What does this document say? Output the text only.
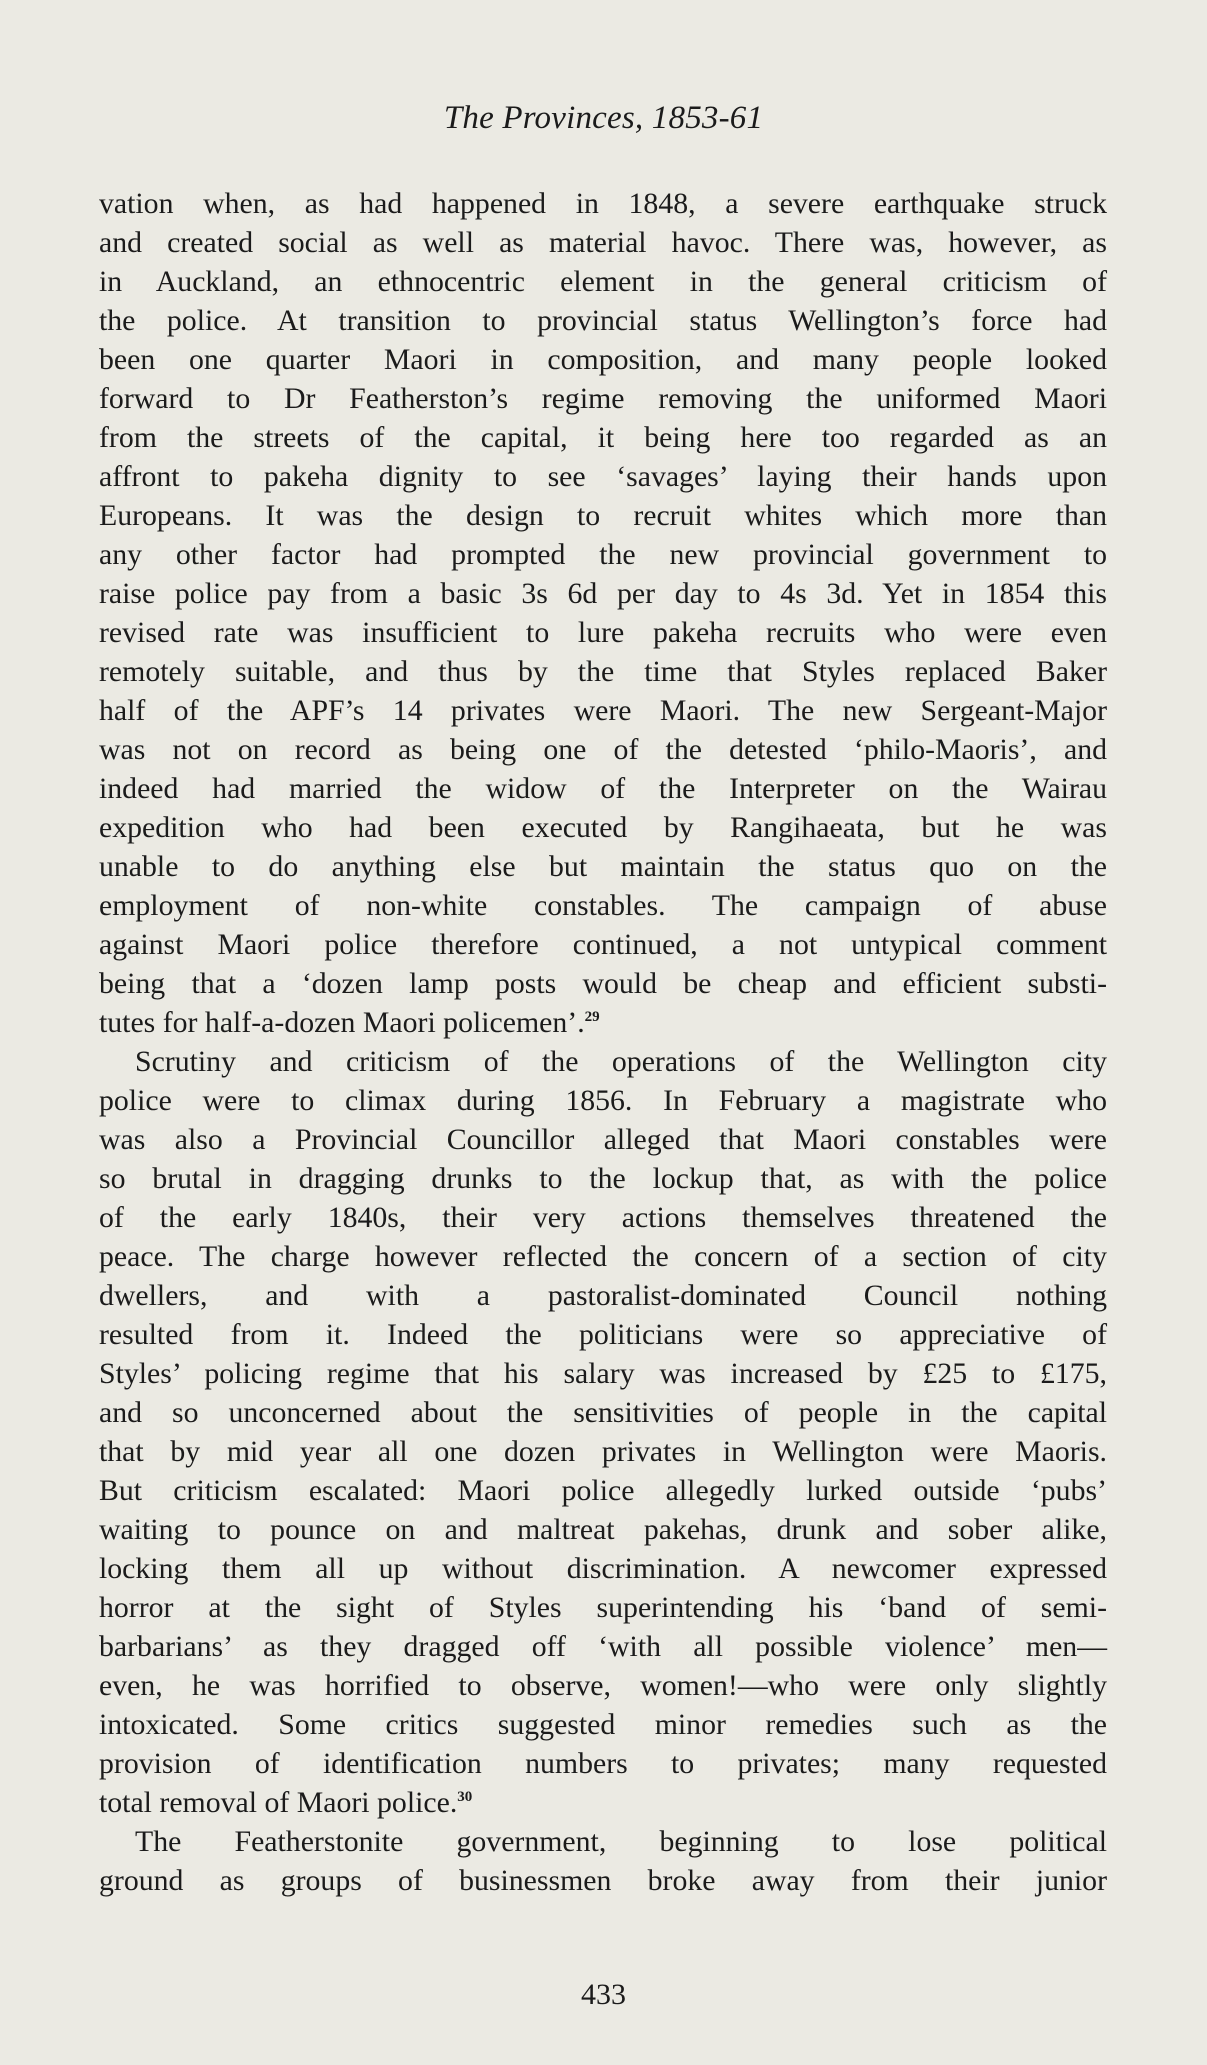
The Provinces, 1853-61
vation when, as had happened in 1848, a severe earthquake struck
and created social as well as material havoc. There was, however, as
in Auckland, an ethnocentric element in the general criticism of
the police. At transition to provincial status Wellington’s force had
been one quarter Maori in composition, and many people looked
forward to Dr Featherston’s regime removing the uniformed Maori
from the streets of the capital, it being here too regarded as an
affront to pakeha dignity to see ‘savages’ laying their hands upon
Europeans. It was the design to recruit whites which more than
any other factor had prompted the new provincial government to
raise police pay from a basic 3s 6d per day to 4s 3d. Yet in 1854 this
revised rate was insufficient to lure pakeha recruits who were even
remotely suitable, and thus by the time that Styles replaced Baker
half of the APF’s 14 privates were Maori. The new Sergeant-Major
was not on record as being one of the detested ‘philo-Maoris’, and
indeed had married the widow of the Interpreter on the Wairau
expedition who had been executed by Rangihaeata, but he was
unable to do anything else but maintain the status quo on the
employment of non-white constables. The campaign of abuse
against Maori police therefore continued, a not untypical comment
being that a ‘dozen lamp posts would be cheap and efficient substi-
tutes for half-a-dozen Maori policemen’.$^{29}$
Scrutiny and criticism of the operations of the Wellington city
police were to climax during 1856. In February a magistrate who
was also a Provincial Councillor alleged that Maori constables were
so brutal in dragging drunks to the lockup that, as with the police
of the early 1840s, their very actions themselves threatened the
peace. The charge however reflected the concern of a section of city
dwellers, and with a pastoralist-dominated Council nothing
resulted from it. Indeed the politicians were so appreciative of
Styles’ policing regime that his salary was increased by £25 to £175,
and so unconcerned about the sensitivities of people in the capital
that by mid year all one dozen privates in Wellington were Maoris.
But criticism escalated: Maori police allegedly lurked outside ‘pubs’
waiting to pounce on and maltreat pakehas, drunk and sober alike,
locking them all up without discrimination. A newcomer expressed
horror at the sight of Styles superintending his ‘band of semi-
barbarians’ as they dragged off ‘with all possible violence’ men—
even, he was horrified to observe, women!—who were only slightly
intoxicated. Some critics suggested minor remedies such as the
provision of identification numbers to privates; many requested
total removal of Maori police.$^{30}$
The Featherstonite government, beginning to lose political
ground as groups of businessmen broke away from their junior
433
